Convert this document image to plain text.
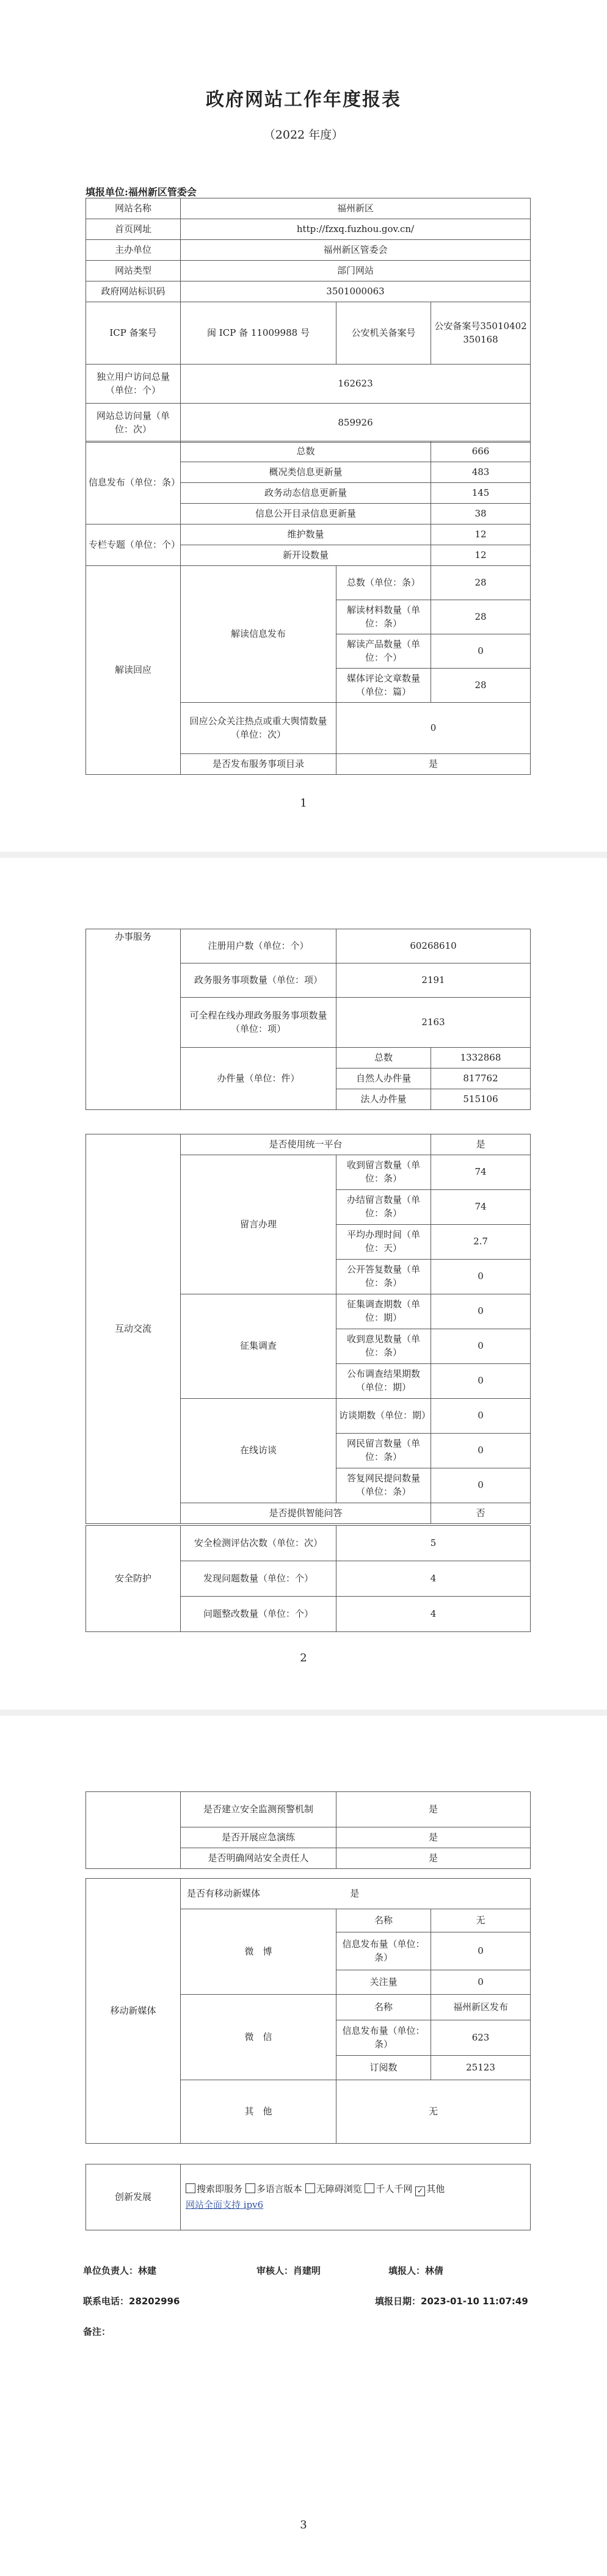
政府网站工作年度报表
（2022 年度）
填报单位:福州新区管委会
网站名称	福州新区		
首页网址	http://fzxq.fuzhou.gov.cn/		
主办单位	福州新区管委会		
网站类型	部门网站		
政府网站标识码	3501000063		
ICP 备案号	闽 ICP 备 11009988 号	公安机关备案号	公安备案号35010402350168
独立用户访问总量（单位：个）	162623		
网站总访问量（单位：次）	859926		
信息发布（单位：条）	总数	666
	概况类信息更新量	483
	政务动态信息更新量	145
	信息公开目录信息更新量	38
专栏专题（单位：个）	维护数量	12
	新开设数量	12
解读回应	解读信息发布	总数（单位：条）	28
		解读材料数量（单位：条）	28
		解读产品数量（单位：个）	0
		媒体评论文章数量（单位：篇）	28
	回应公众关注热点或重大舆情数量（单位：次）	0	
	是否发布服务事项目录	是	
1
办事服务	注册用户数（单位：个）	60268610	
	政务服务事项数量（单位：项）	2191	
	可全程在线办理政务服务事项数量（单位：项）	2163	
	办件量（单位：件）	总数	1332868
		自然人办件量	817762
		法人办件量	515106
互动交流	是否使用统一平台		是
	留言办理	收到留言数量（单位：条）	74
		办结留言数量（单位：条）	74
		平均办理时间（单位：天）	2.7
		公开答复数量（单位：条）	0
	征集调查	征集调查期数（单位：期）	0
		收到意见数量（单位：条）	0
		公布调查结果期数（单位：期）	0
	在线访谈	访谈期数（单位：期）	0
		网民留言数量（单位：条）	0
		答复网民提问数量（单位：条）	0
	是否提供智能问答		否
安全防护	安全检测评估次数（单位：次）	5
	发现问题数量（单位：个）	4
	问题整改数量（单位：个）	4
2
	是否建立安全监测预警机制	是
	是否开展应急演练	是
	是否明确网站安全责任人	是
移动新媒体	是否有移动新媒体 是		
	微　博	名称	无
		信息发布量（单位：条）	0
		关注量	0
	微　信	名称	福州新区发布
		信息发布量（单位：条）	623
		订阅数	25123
	其　他	无	
创新发展	搜索即服务 多语言版本 无障碍浏览 千人千网 ✓ 其他
网站全面支持 ipv6
单位负责人：林建	审核人：肖建明	填报人：林倩
联系电话：28202996	填报日期：2023-01-10 11:07:49
备注：
3
